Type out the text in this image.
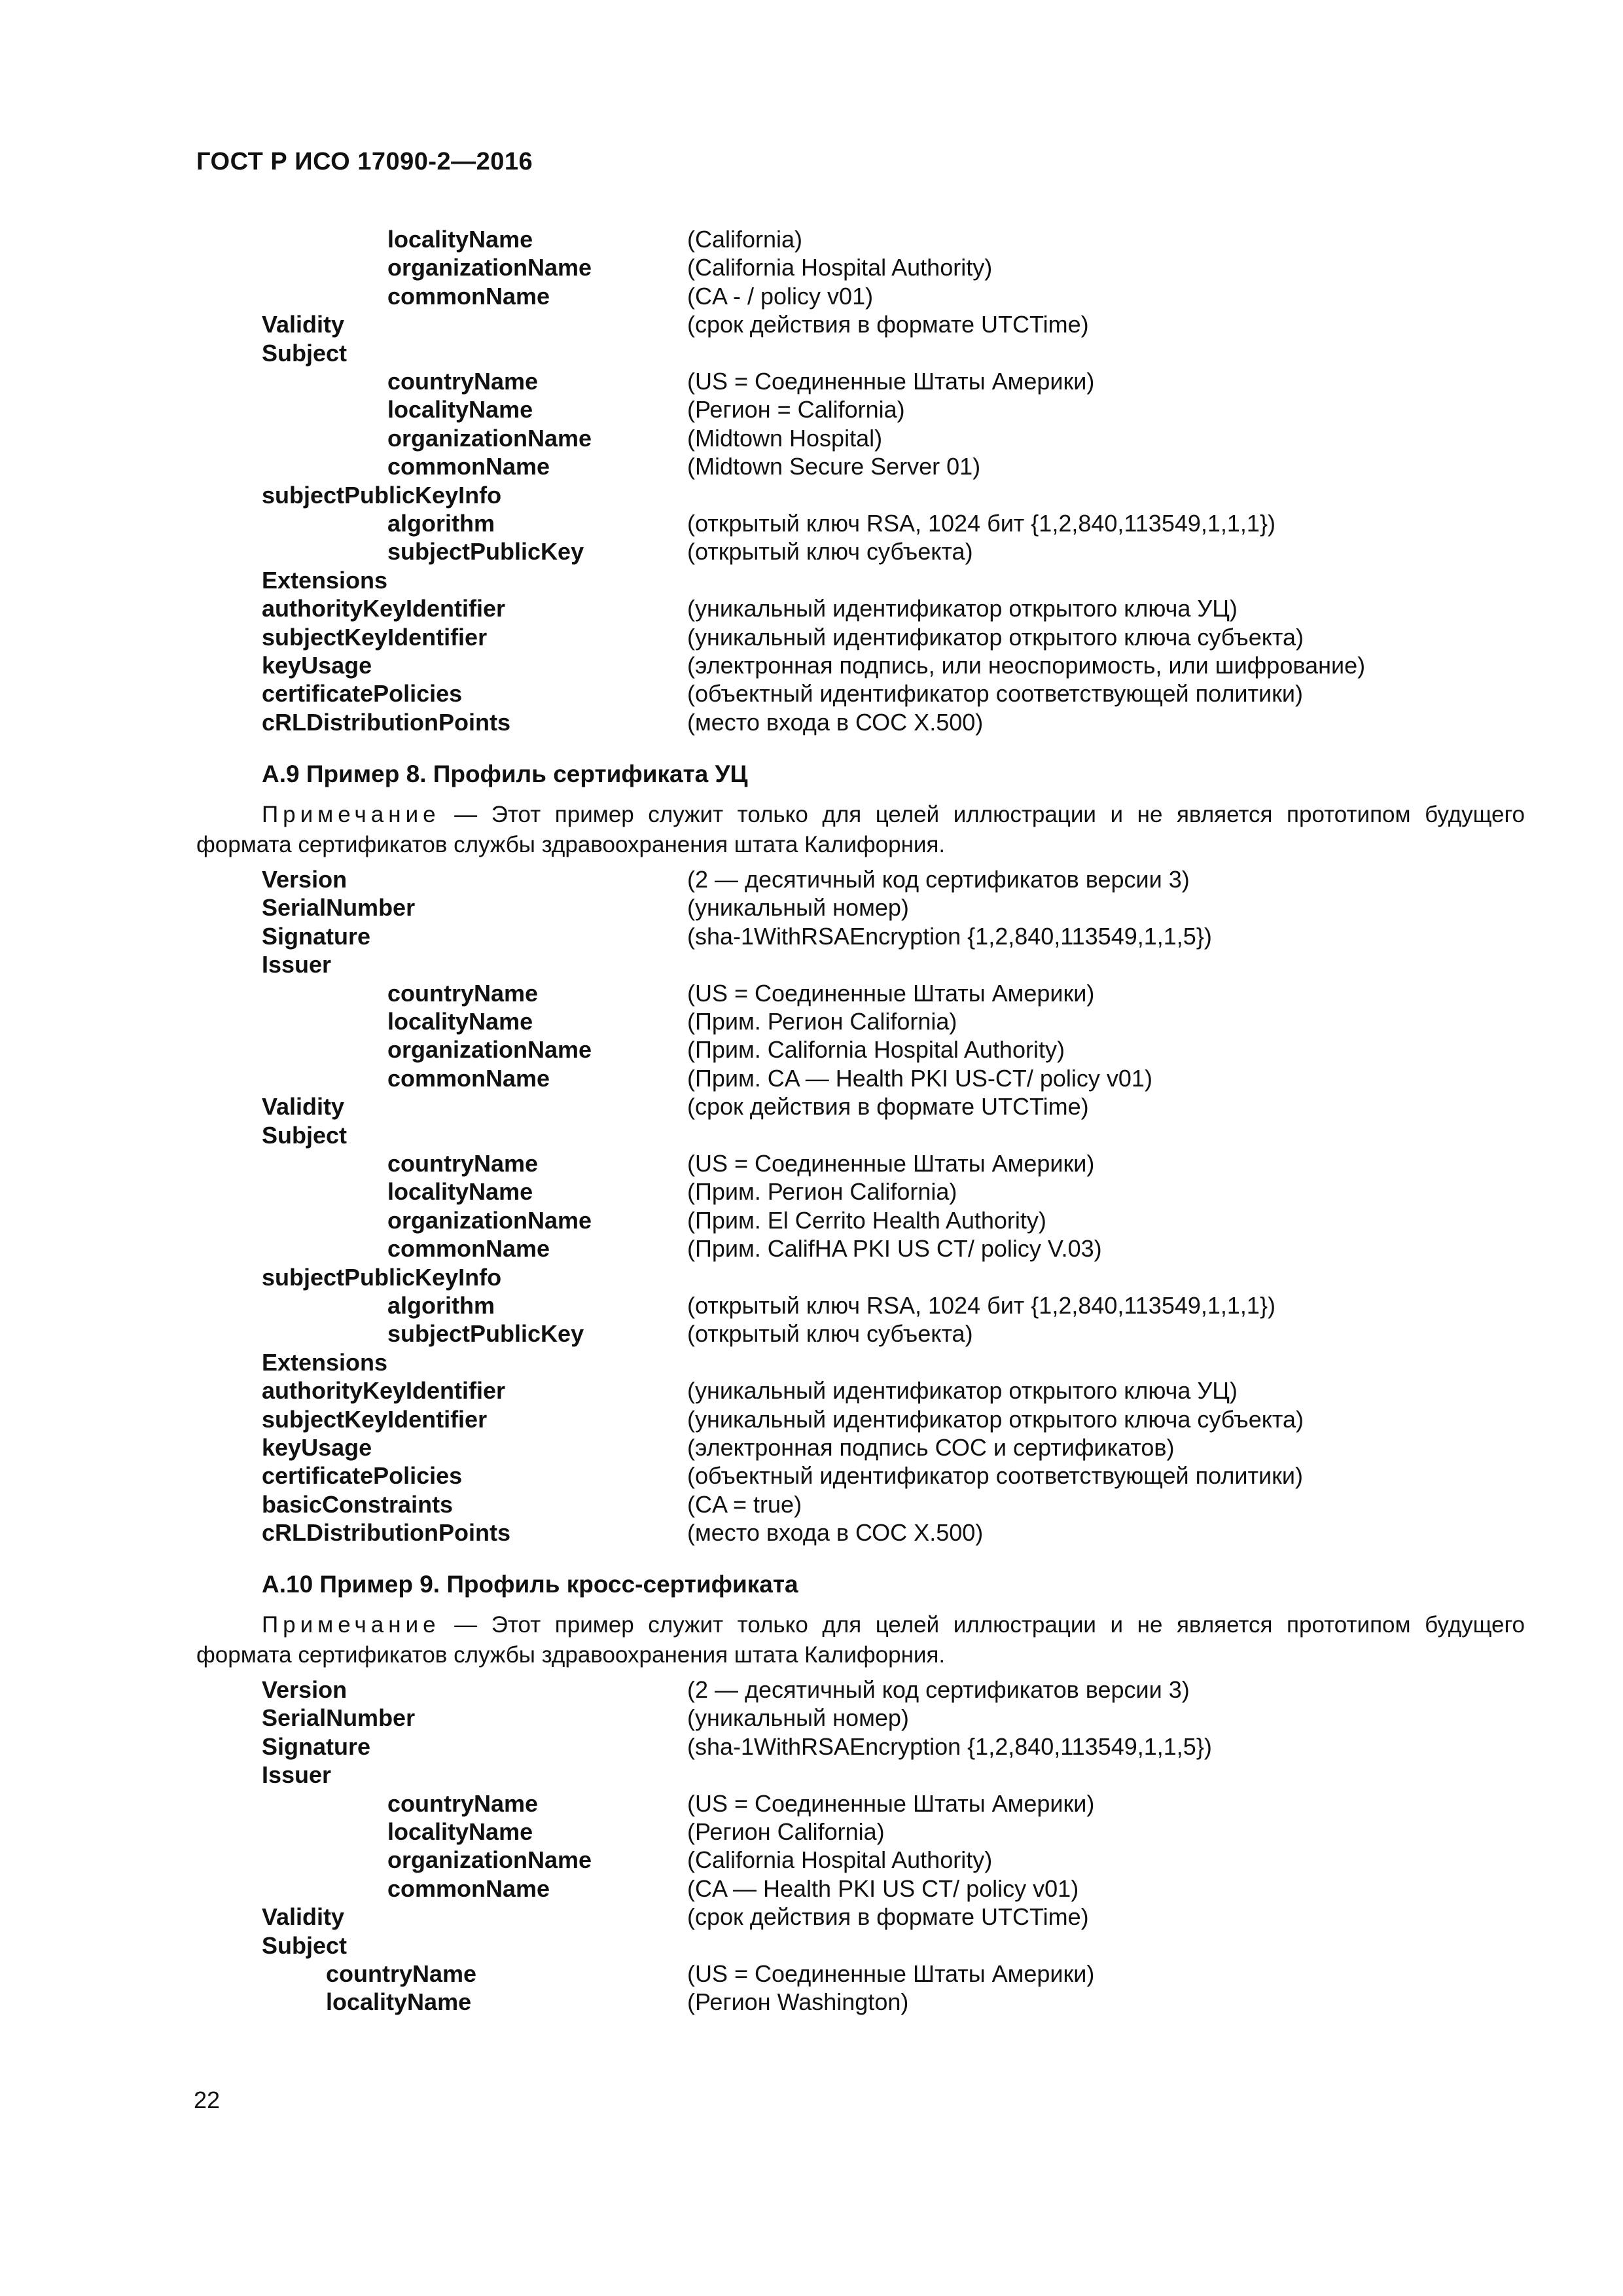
ГОСТ Р ИСО 17090-2—2016
localityName	(California)
organizationName	(California Hospital Authority)
commonName	(CA - / policy v01)
Validity	(срок действия в формате UTCTime)
Subject
countryName	(US = Соединенные Штаты Америки)
localityName	(Регион = California)
organizationName	(Midtown Hospital)
commonName	(Midtown Secure Server 01)
subjectPublicKeyInfo
algorithm	(открытый ключ RSA, 1024 бит {1,2,840,113549,1,1,1})
subjectPublicKey	(открытый ключ субъекта)
Extensions
authorityKeyIdentifier	(уникальный идентификатор открытого ключа УЦ)
subjectKeyIdentifier	(уникальный идентификатор открытого ключа субъекта)
keyUsage	(электронная подпись, или неоспоримость, или шифрование)
certificatePolicies	(объектный идентификатор соответствующей политики)
cRLDistributionPoints	(место входа в СОС Х.500)
А.9 Пример 8. Профиль сертификата УЦ
Примечание — Этот пример служит только для целей иллюстрации и не является прототипом будущего формата сертификатов службы здравоохранения штата Калифорния.
Version	(2 — десятичный код сертификатов версии 3)
SerialNumber	(уникальный номер)
Signature	(sha-1WithRSAEncryption {1,2,840,113549,1,1,5})
Issuer
countryName	(US = Соединенные Штаты Америки)
localityName	(Прим. Регион California)
organizationName	(Прим. California Hospital Authority)
commonName	(Прим. CA — Health PKI US-CT/ policy v01)
Validity	(срок действия в формате UTCTime)
Subject
countryName	(US = Соединенные Штаты Америки)
localityName	(Прим. Регион California)
organizationName	(Прим. El Cerrito Health Authority)
commonName	(Прим. CalifHA PKI US CT/ policy V.03)
subjectPublicKeyInfo
algorithm	(открытый ключ RSA, 1024 бит {1,2,840,113549,1,1,1})
subjectPublicKey	(открытый ключ субъекта)
Extensions
authorityKeyIdentifier	(уникальный идентификатор открытого ключа УЦ)
subjectKeyIdentifier	(уникальный идентификатор открытого ключа субъекта)
keyUsage	(электронная подпись СОС и сертификатов)
certificatePolicies	(объектный идентификатор соответствующей политики)
basicConstraints	(CA = true)
cRLDistributionPoints	(место входа в СОС Х.500)
А.10 Пример 9. Профиль кросс-сертификата
Примечание — Этот пример служит только для целей иллюстрации и не является прототипом будущего формата сертификатов службы здравоохранения штата Калифорния.
Version	(2 — десятичный код сертификатов версии 3)
SerialNumber	(уникальный номер)
Signature	(sha-1WithRSAEncryption {1,2,840,113549,1,1,5})
Issuer
countryName	(US = Соединенные Штаты Америки)
localityName	(Регион California)
organizationName	(California Hospital Authority)
commonName	(CA — Health PKI US CT/ policy v01)
Validity	(срок действия в формате UTCTime)
Subject
countryName	(US = Соединенные Штаты Америки)
localityName	(Регион Washington)
22
